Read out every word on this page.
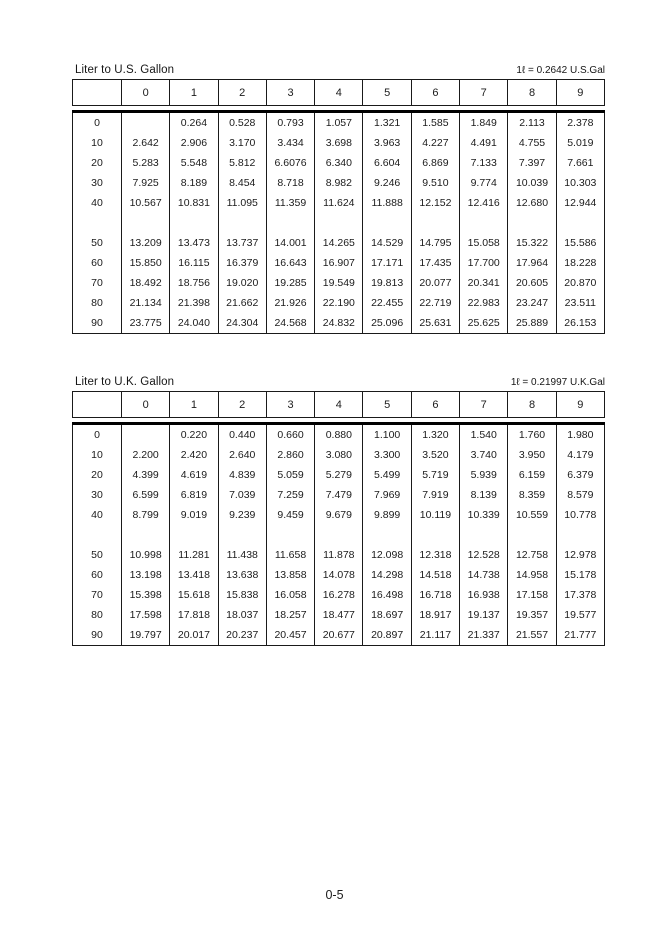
Liter to U.S. Gallon	1ℓ = 0.2642 U.S.Gal
	0	1	2	3	4	5	6	7	8	9
0		0.264	0.528	0.793	1.057	1.321	1.585	1.849	2.113	2.378
10	2.642	2.906	3.170	3.434	3.698	3.963	4.227	4.491	4.755	5.019
20	5.283	5.548	5.812	6.6076	6.340	6.604	6.869	7.133	7.397	7.661
30	7.925	8.189	8.454	8.718	8.982	9.246	9.510	9.774	10.039	10.303
40	10.567	10.831	11.095	11.359	11.624	11.888	12.152	12.416	12.680	12.944

50	13.209	13.473	13.737	14.001	14.265	14.529	14.795	15.058	15.322	15.586
60	15.850	16.115	16.379	16.643	16.907	17.171	17.435	17.700	17.964	18.228
70	18.492	18.756	19.020	19.285	19.549	19.813	20.077	20.341	20.605	20.870
80	21.134	21.398	21.662	21.926	22.190	22.455	22.719	22.983	23.247	23.511
90	23.775	24.040	24.304	24.568	24.832	25.096	25.631	25.625	25.889	26.153
Liter to U.K. Gallon	1ℓ = 0.21997 U.K.Gal
	0	1	2	3	4	5	6	7	8	9
0		0.220	0.440	0.660	0.880	1.100	1.320	1.540	1.760	1.980
10	2.200	2.420	2.640	2.860	3.080	3.300	3.520	3.740	3.950	4.179
20	4.399	4.619	4.839	5.059	5.279	5.499	5.719	5.939	6.159	6.379
30	6.599	6.819	7.039	7.259	7.479	7.969	7.919	8.139	8.359	8.579
40	8.799	9.019	9.239	9.459	9.679	9.899	10.119	10.339	10.559	10.778

50	10.998	11.281	11.438	11.658	11.878	12.098	12.318	12.528	12.758	12.978
60	13.198	13.418	13.638	13.858	14.078	14.298	14.518	14.738	14.958	15.178
70	15.398	15.618	15.838	16.058	16.278	16.498	16.718	16.938	17.158	17.378
80	17.598	17.818	18.037	18.257	18.477	18.697	18.917	19.137	19.357	19.577
90	19.797	20.017	20.237	20.457	20.677	20.897	21.117	21.337	21.557	21.777
0-5
